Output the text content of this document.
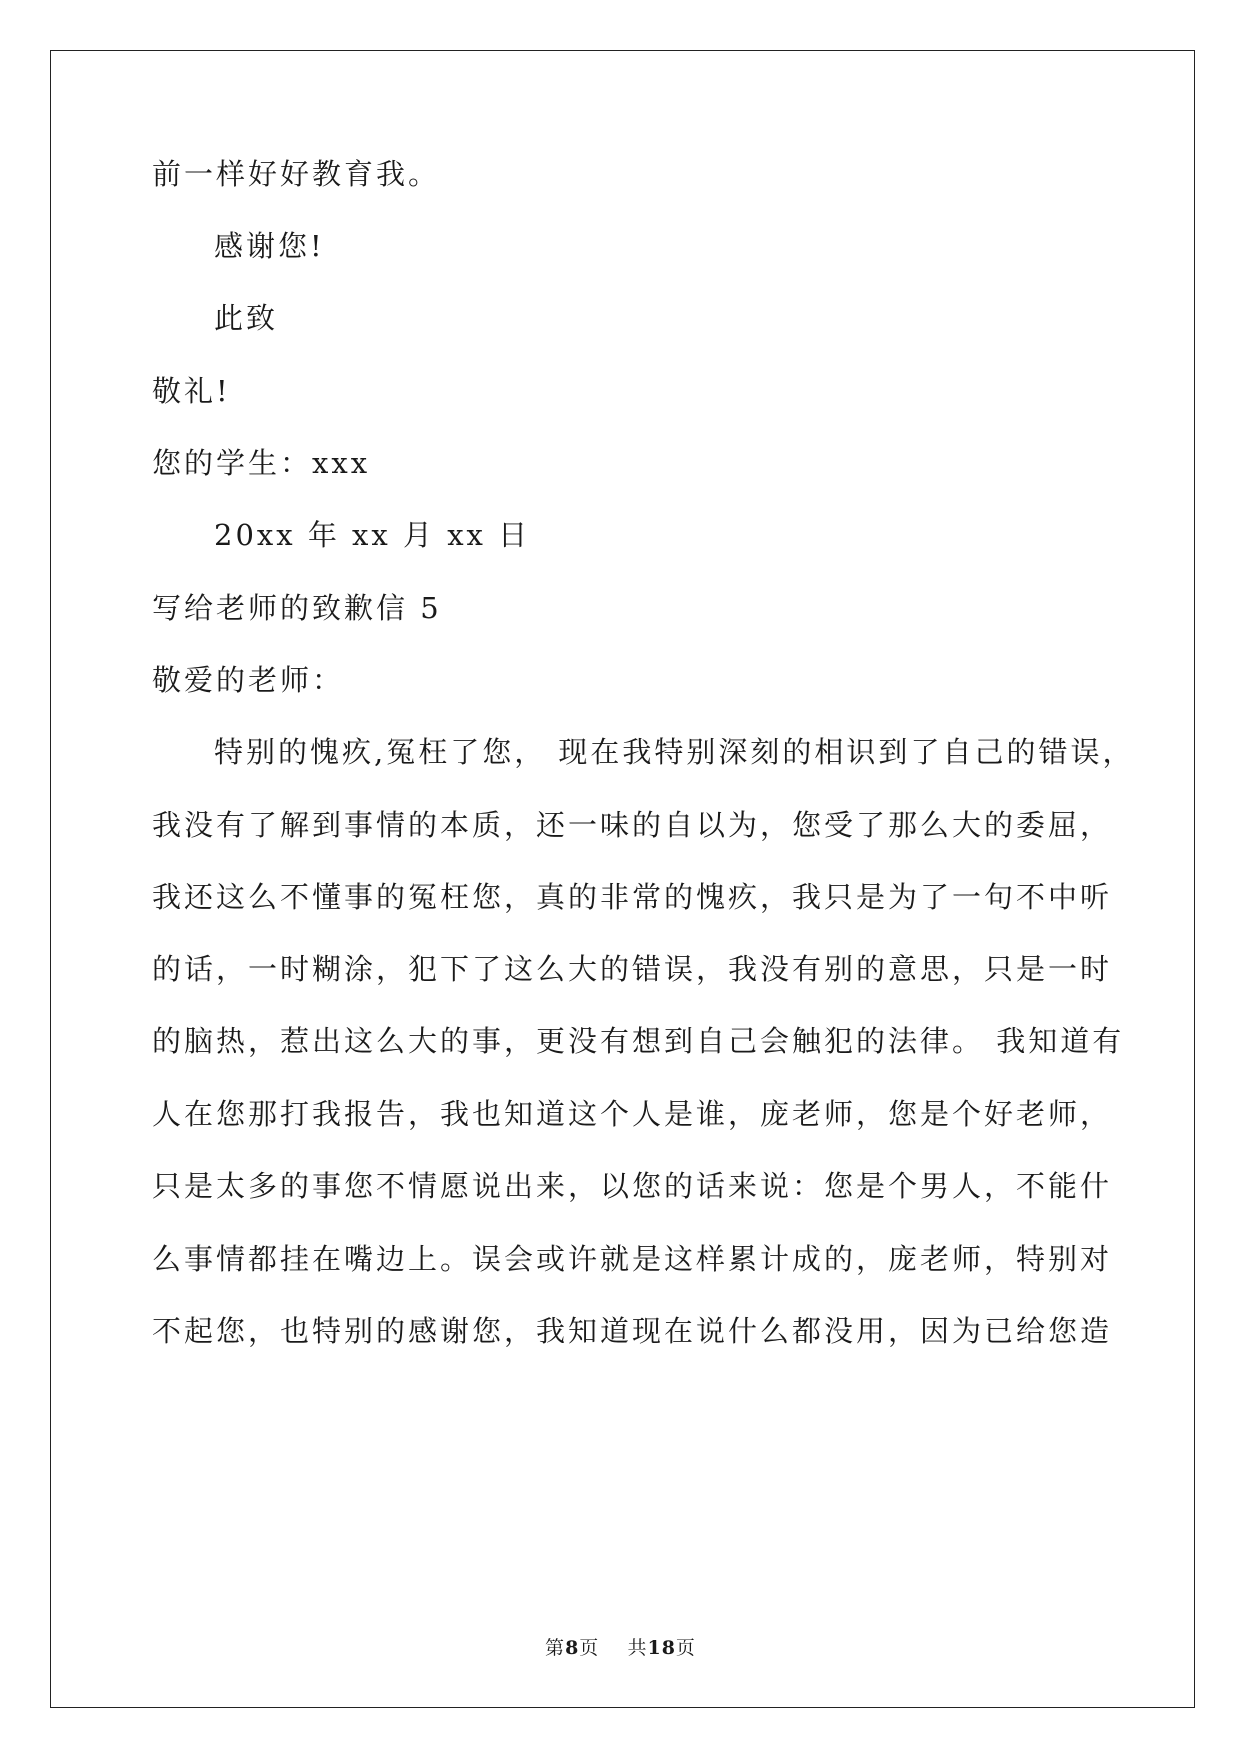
前一样好好教育我。
感谢您!
此致
敬礼!
您的学生：xxx
20xx 年 xx 月 xx 日
写给老师的致歉信 5
敬爱的老师：
特别的愧疚,冤枉了您， 现在我特别深刻的相识到了自己的错误，
我没有了解到事情的本质，还一味的自以为，您受了那么大的委屈，
我还这么不懂事的冤枉您，真的非常的愧疚，我只是为了一句不中听
的话，一时糊涂，犯下了这么大的错误，我没有别的意思，只是一时
的脑热，惹出这么大的事，更没有想到自己会触犯的法律。 我知道有
人在您那打我报告，我也知道这个人是谁，庞老师，您是个好老师，
只是太多的事您不情愿说出来，以您的话来说：您是个男人，不能什
么事情都挂在嘴边上。误会或许就是这样累计成的，庞老师，特别对
不起您，也特别的感谢您，我知道现在说什么都没用，因为已给您造
第8页    共18页
